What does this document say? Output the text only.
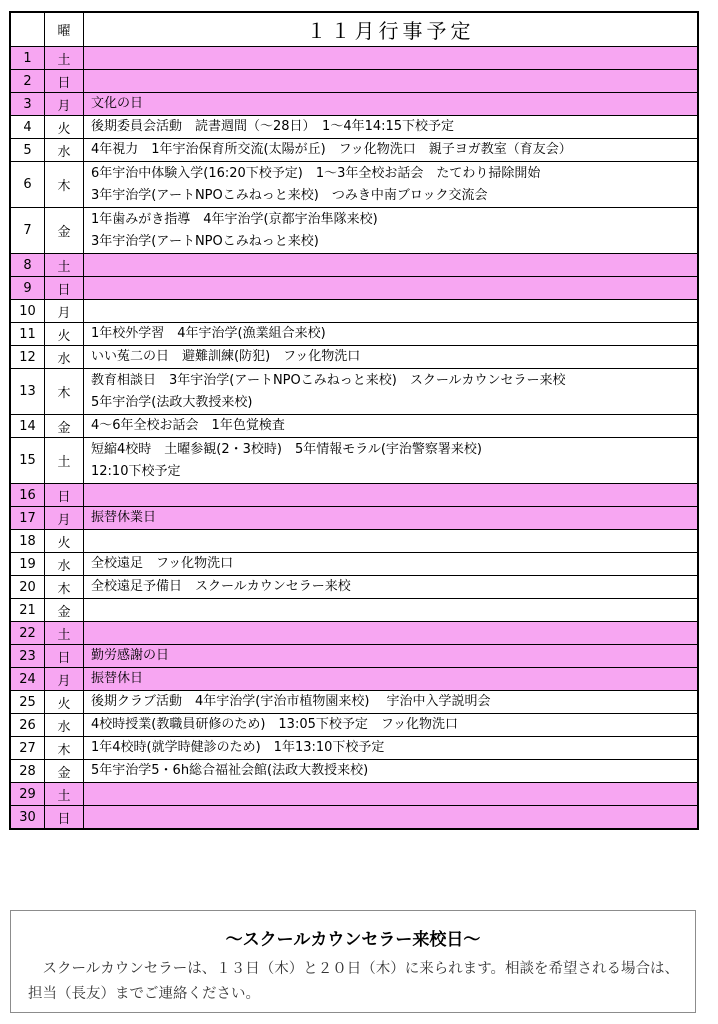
	曜	１１月行事予定
1	土	
2	日	
3	月	文化の日

4	火	後期委員会活動　読書週間（～28日）　1～4年14:15下校予定

5	水	4年視力　1年宇治保育所交流(太陽が丘)　フッ化物洗口　親子ヨガ教室（育友会）

6	木	6年宇治中体験入学(16:20下校予定)　1～3年全校お話会　たてわり掃除開始
3年宇治学(アートNPOこみねっと来校)　つみき中南ブロック交流会

7	金	1年歯みがき指導　4年宇治学(京都宇治隼隊来校)
3年宇治学(アートNPOこみねっと来校)

8	土	
9	日	
10	月	
11	火	1年校外学習　4年宇治学(漁業組合来校)

12	水	いい菟二の日　避難訓練(防犯)　フッ化物洗口

13	木	教育相談日　3年宇治学(アートNPOこみねっと来校)　スクールカウンセラー来校
5年宇治学(法政大教授来校)

14	金	4～6年全校お話会　1年色覚検査

15	土	短縮4校時　土曜参観(2・3校時)　5年情報モラル(宇治警察署来校)
12:10下校予定

16	日	
17	月	振替休業日

18	火	
19	水	全校遠足　フッ化物洗口

20	木	全校遠足予備日　スクールカウンセラー来校

21	金	
22	土	
23	日	勤労感謝の日

24	月	振替休日

25	火	後期クラブ活動　4年宇治学(宇治市植物園来校)　 宇治中入学説明会

26	水	4校時授業(教職員研修のため)　13:05下校予定　フッ化物洗口

27	木	1年4校時(就学時健診のため)　1年13:10下校予定

28	金	5年宇治学5・6h総合福祉会館(法政大教授来校)

29	土	
30	日	
～スクールカウンセラー来校日～
　スクールカウンセラーは、１３日（木）と２０日（木）に来られます。相談を希望される場合は、担当（長友）までご連絡ください。
